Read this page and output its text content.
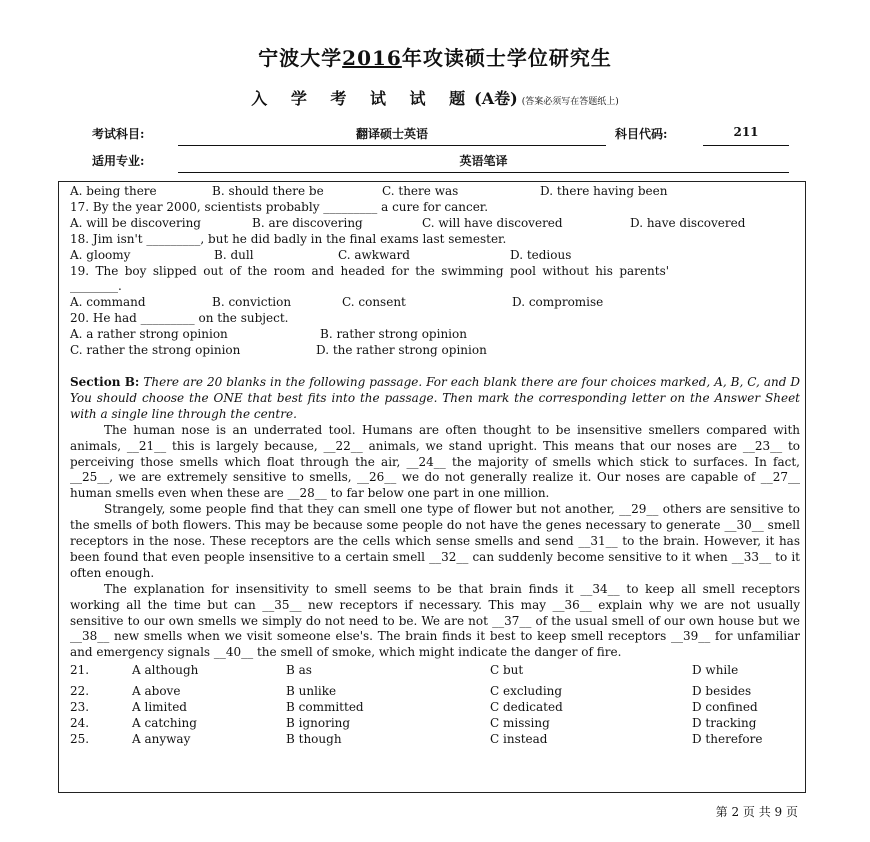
宁波大学2016年攻读硕士学位研究生
入 学 考 试 试 题(A卷) (答案必须写在答题纸上)
考试科目:	翻译硕士英语	科目代码:	211
适用专业:	英语笔译
A. being there	B. should there be	C. there was	D. there having been
17. By the year 2000, scientists probably _________ a cure for cancer.
A. will be discovering	B. are discovering	C. will have discovered	D. have discovered
18. Jim isn't _________, but he did badly in the final exams last semester.
A. gloomy	B. dull	C. awkward	D. tedious
19. The boy slipped out of the room and headed for the swimming pool without his parents'
________.
A. command	B. conviction	C. consent	D. compromise
20. He had _________ on the subject.
A. a rather strong opinion	B. rather strong opinion
C. rather the strong opinion	D. the rather strong opinion
Section B: There are 20 blanks in the following passage. For each blank there are four choices marked, A, B, C, and D You should choose the ONE that best fits into the passage. Then mark the corresponding letter on the Answer Sheet with a single line through the centre.
The human nose is an underrated tool. Humans are often thought to be insensitive smellers compared with animals, __21__ this is largely because, __22__ animals, we stand upright. This means that our noses are __23__ to perceiving those smells which float through the air, __24__ the majority of smells which stick to surfaces. In fact, __25__, we are extremely sensitive to smells, __26__ we do not generally realize it. Our noses are capable of __27__ human smells even when these are __28__ to far below one part in one million.
Strangely, some people find that they can smell one type of flower but not another, __29__ others are sensitive to the smells of both flowers. This may be because some people do not have the genes necessary to generate __30__ smell receptors in the nose. These receptors are the cells which sense smells and send __31__ to the brain. However, it has been found that even people insensitive to a certain smell __32__ can suddenly become sensitive to it when __33__ to it often enough.
The explanation for insensitivity to smell seems to be that brain finds it __34__ to keep all smell receptors working all the time but can __35__ new receptors if necessary. This may __36__ explain why we are not usually sensitive to our own smells we simply do not need to be. We are not __37__ of the usual smell of our own house but we __38__ new smells when we visit someone else's. The brain finds it best to keep smell receptors __39__ for unfamiliar and emergency signals __40__ the smell of smoke, which might indicate the danger of fire.
21.	A although	B as	C but	D while

22.	A above	B unlike	C excluding	D besides
23.	A limited	B committed	C dedicated	D confined
24.	A catching	B ignoring	C missing	D tracking
25.	A anyway	B though	C instead	D therefore
第 2 页 共 9 页
